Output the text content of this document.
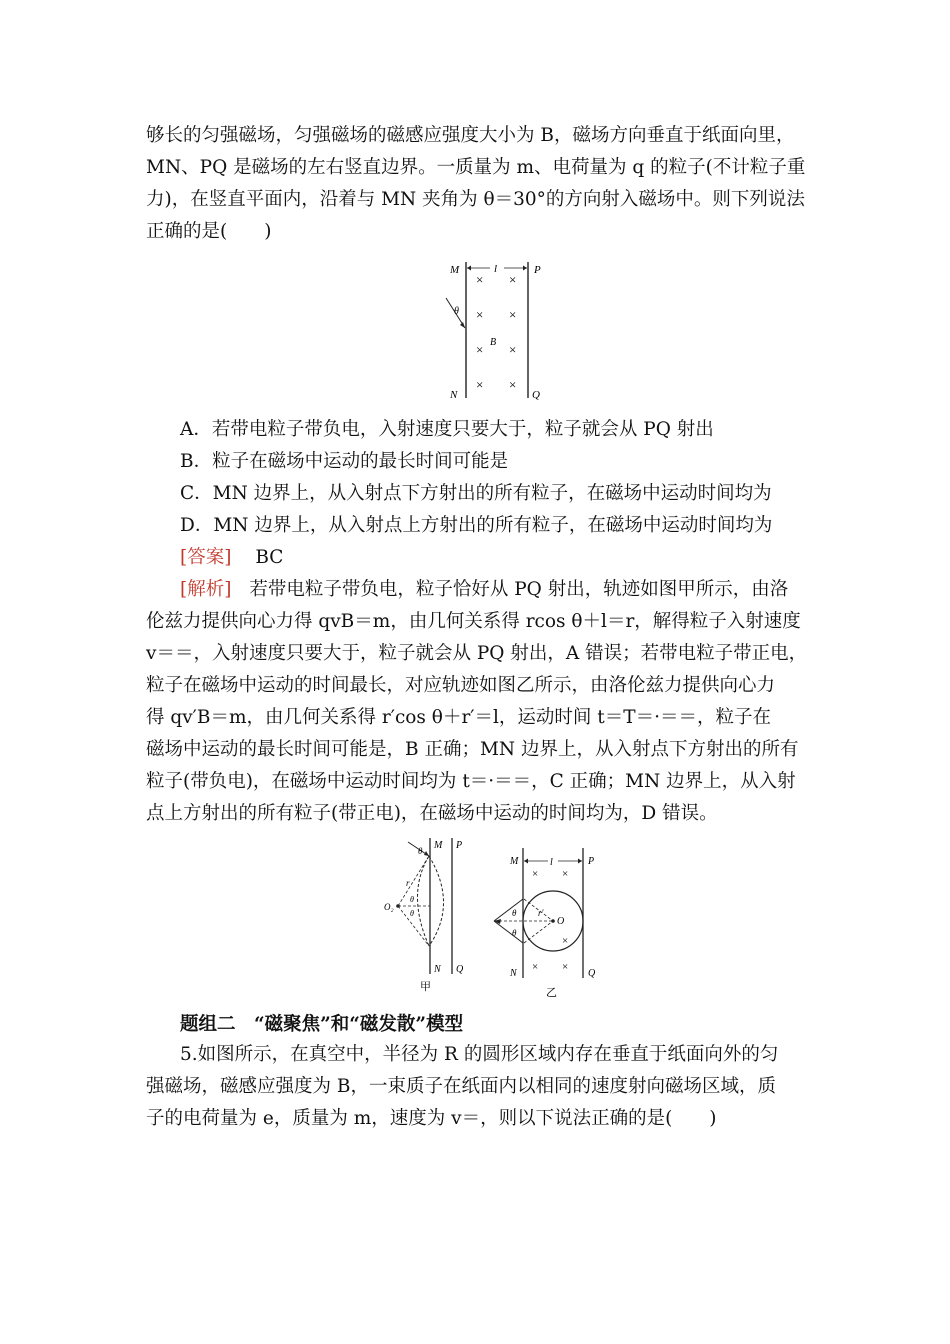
够长的匀强磁场，匀强磁场的磁感应强度大小为 B，磁场方向垂直于纸面向里，
MN、PQ 是磁场的左右竖直边界。一质量为 m、电荷量为 q 的粒子(不计粒子重
力)，在竖直平面内，沿着与 MN 夹角为 θ＝30°的方向射入磁场中。则下列说法
正确的是(　　)
M	P
N	Q
l
× ×
× ×
× ×
× ×
B
θ
A．若带电粒子带负电，入射速度只要大于，粒子就会从 PQ 射出
B．粒子在磁场中运动的最长时间可能是
C．MN 边界上，从入射点下方射出的所有粒子，在磁场中运动时间均为
D．MN 边界上，从入射点上方射出的所有粒子，在磁场中运动时间均为
[答案] BC
[解析] 若带电粒子带负电，粒子恰好从 PQ 射出，轨迹如图甲所示，由洛
伦兹力提供向心力得 qvB＝m，由几何关系得 rcos θ＋l＝r，解得粒子入射速度
v＝＝，入射速度只要大于，粒子就会从 PQ 射出，A 错误；若带电粒子带正电，
粒子在磁场中运动的时间最长，对应轨迹如图乙所示，由洛伦兹力提供向心力
得 qv′B＝m，由几何关系得 r′cos θ＋r′＝l，运动时间 t＝T＝·＝＝，粒子在
磁场中运动的最长时间可能是，B 正确；MN 边界上，从入射点下方射出的所有
粒子(带负电)，在磁场中运动时间均为 t＝·＝＝，C 正确；MN 边界上，从入射
点上方射出的所有粒子(带正电)，在磁场中运动的时间均为，D 错误。
M P
N Q
θ
O₂
r
θ
θ
甲
M	P
N	Q
l
× ×
× ×
×
O
θ
θ
r′
乙
题组二　“磁聚焦”和“磁发散”模型
5.如图所示，在真空中，半径为 R 的圆形区域内存在垂直于纸面向外的匀
强磁场，磁感应强度为 B，一束质子在纸面内以相同的速度射向磁场区域，质
子的电荷量为 e，质量为 m，速度为 v＝，则以下说法正确的是(　　)
